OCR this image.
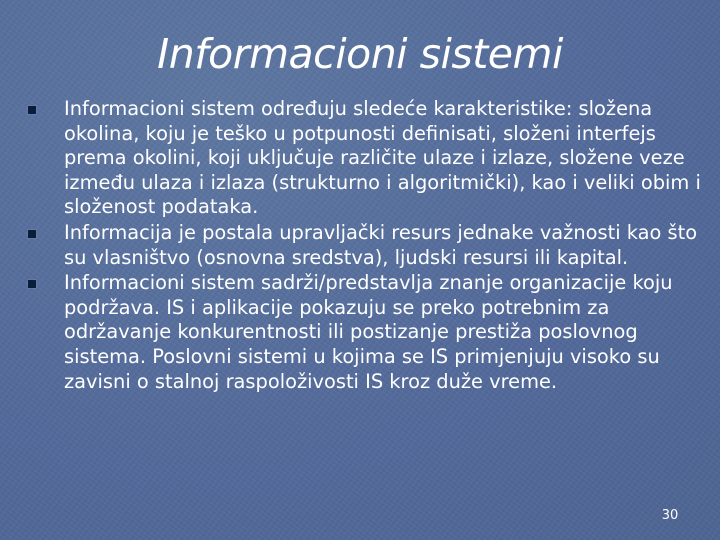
Informacioni sistemi
Informacioni sistem određuju sledeće karakteristike: složena okolina, koju je teško u potpunosti definisati, složeni interfejs prema okolini, koji uključuje različite ulaze i izlaze, složene veze između ulaza i izlaza (strukturno i algoritmički), kao i veliki obim i složenost podataka.
Informacija je postala upravljački resurs jednake važnosti kao što su vlasništvo (osnovna sredstva), ljudski resursi ili kapital.
Informacioni sistem sadrži/predstavlja znanje organizacije koju podržava. IS i aplikacije pokazuju se preko potrebnim za održavanje konkurentnosti ili postizanje prestiža poslovnog sistema. Poslovni sistemi u kojima se IS primjenjuju visoko su zavisni o stalnoj raspoloživosti IS kroz duže vreme.
30
